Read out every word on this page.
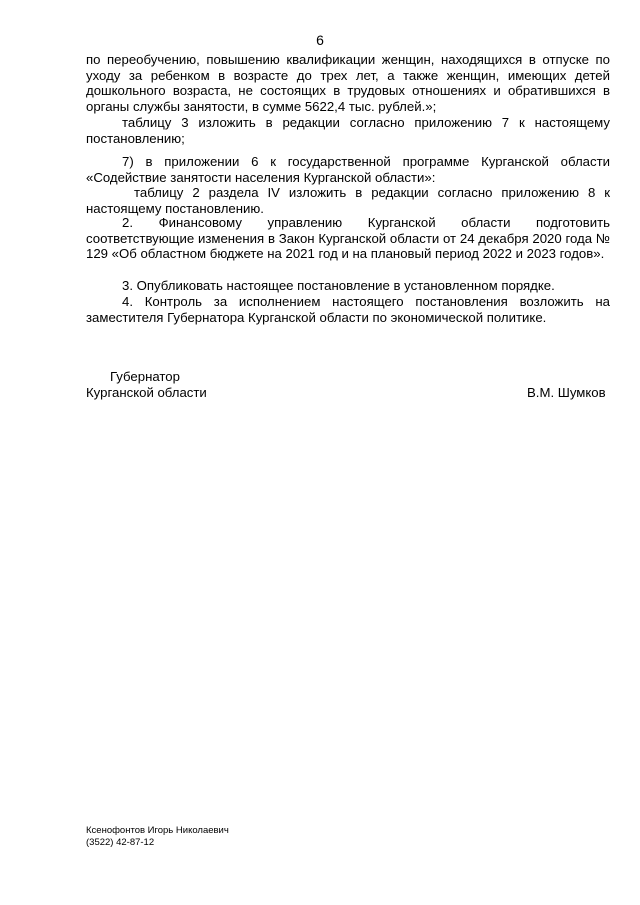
6
по переобучению, повышению квалификации женщин, находящихся в отпуске по уходу за ребенком в возрасте до трех лет, а также женщин, имеющих детей дошкольного возраста, не состоящих в трудовых отношениях и обратившихся в органы службы занятости, в сумме 5622,4 тыс. рублей.»;
таблицу 3 изложить в редакции согласно приложению 7 к настоящему постановлению;
7) в приложении 6 к государственной программе Курганской области «Содействие занятости населения Курганской области»:
таблицу 2 раздела IV изложить в редакции согласно приложению 8 к настоящему постановлению.
2. Финансовому управлению Курганской области подготовить соответствующие изменения в Закон Курганской области от 24 декабря 2020 года № 129 «Об областном бюджете на 2021 год и на плановый период 2022 и 2023 годов».
3. Опубликовать настоящее постановление в установленном порядке.
4. Контроль за исполнением настоящего постановления возложить на заместителя Губернатора Курганской области по экономической политике.
Губернатор
Курганской области	В.М. Шумков
Ксенофонтов Игорь Николаевич
(3522) 42-87-12
